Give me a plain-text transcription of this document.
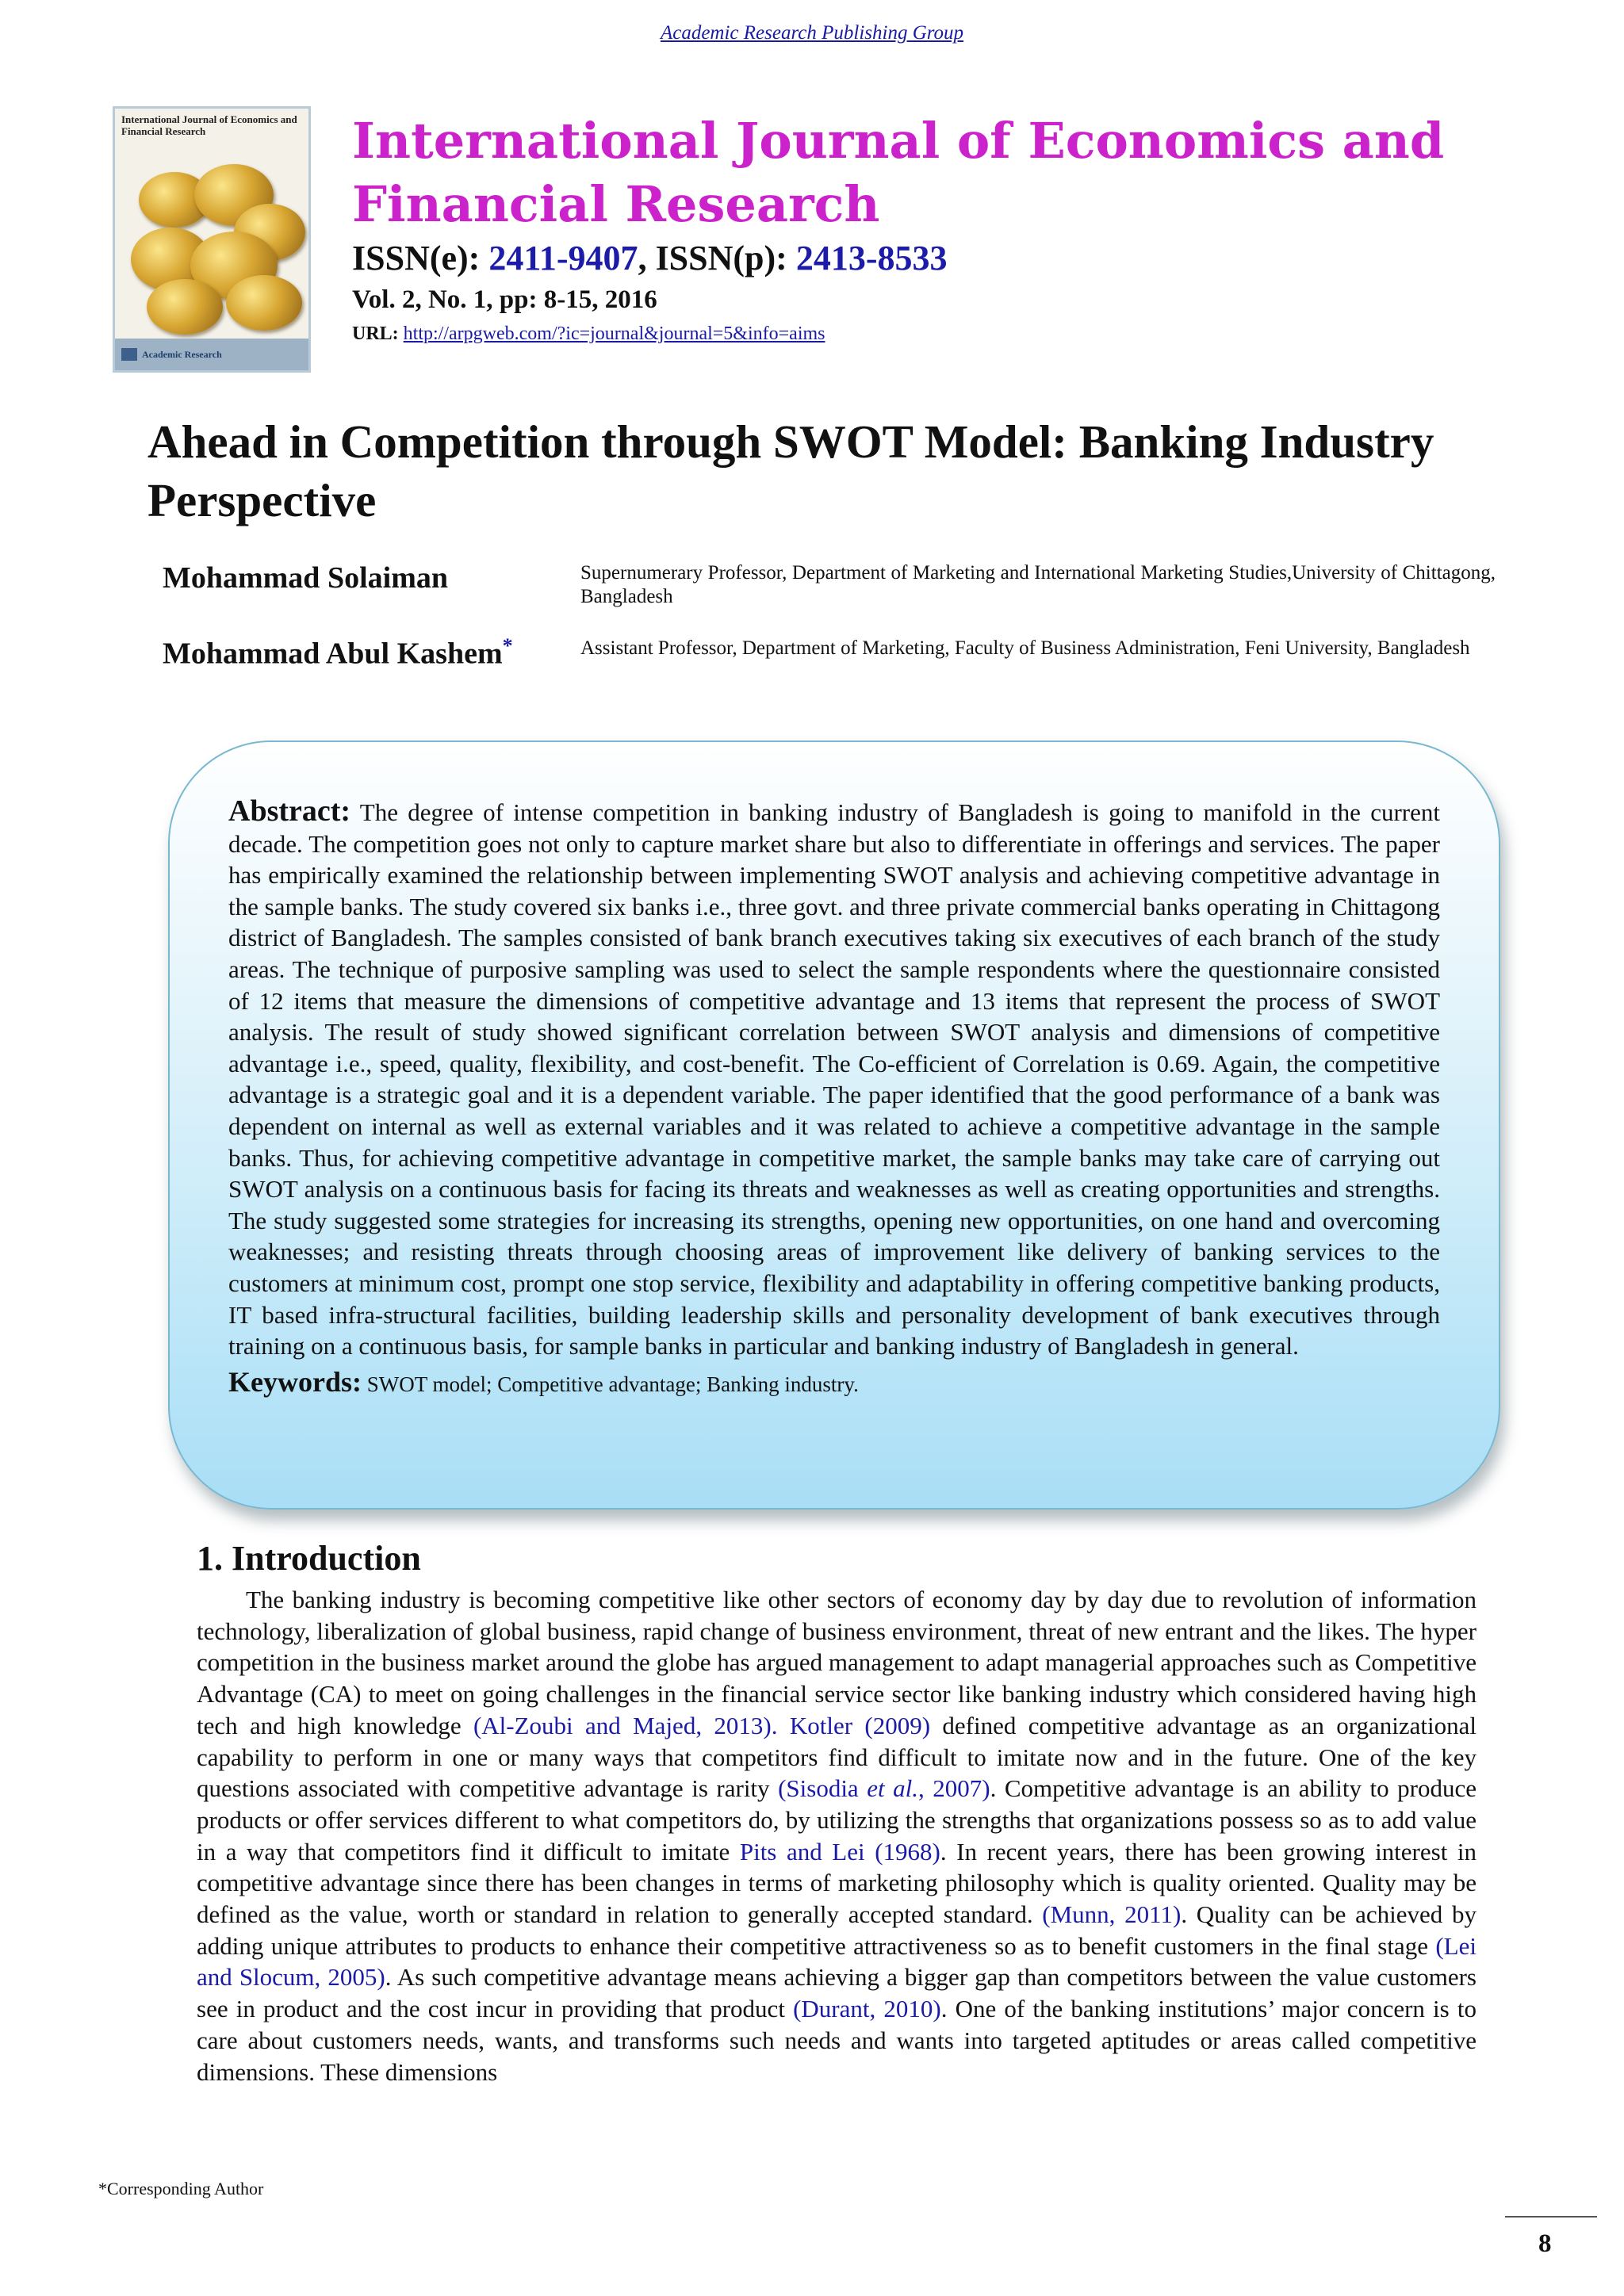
Academic Research Publishing Group
International Journal of Economics and Financial Research
Academic Research
International Journal of Economics and Financial Research
ISSN(e): 2411-9407, ISSN(p): 2413-8533
Vol. 2, No. 1, pp: 8-15, 2016
URL: http://arpgweb.com/?ic=journal&journal=5&info=aims
Ahead in Competition through SWOT Model: Banking Industry Perspective
Mohammad Solaiman	Supernumerary Professor, Department of Marketing and International Marketing Studies,University of Chittagong, Bangladesh
Mohammad Abul Kashem*	Assistant Professor, Department of Marketing, Faculty of Business Administration, Feni University, Bangladesh

Abstract: The degree of intense competition in banking industry of Bangladesh is going to manifold in the current decade. The competition goes not only to capture market share but also to differentiate in offerings and services. The paper has empirically examined the relationship between implementing SWOT analysis and achieving competitive advantage in the sample banks. The study covered six banks i.e., three govt. and three private commercial banks operating in Chittagong district of Bangladesh. The samples consisted of bank branch executives taking six executives of each branch of the study areas. The technique of purposive sampling was used to select the sample respondents where the questionnaire consisted of 12 items that measure the dimensions of competitive advantage and 13 items that represent the process of SWOT analysis. The result of study showed significant correlation between SWOT analysis and dimensions of competitive advantage i.e., speed, quality, flexibility, and cost-benefit. The Co-efficient of Correlation is 0.69. Again, the competitive advantage is a strategic goal and it is a dependent variable. The paper identified that the good performance of a bank was dependent on internal as well as external variables and it was related to achieve a competitive advantage in the sample banks. Thus, for achieving competitive advantage in competitive market, the sample banks may take care of carrying out SWOT analysis on a continuous basis for facing its threats and weaknesses as well as creating opportunities and strengths. The study suggested some strategies for increasing its strengths, opening new opportunities, on one hand and overcoming weaknesses; and resisting threats through choosing areas of improvement like delivery of banking services to the customers at minimum cost, prompt one stop service, flexibility and adaptability in offering competitive banking products, IT based infra-structural facilities, building leadership skills and personality development of bank executives through training on a continuous basis, for sample banks in particular and banking industry of Bangladesh in general.

Keywords: SWOT model; Competitive advantage; Banking industry.

1. Introduction

The banking industry is becoming competitive like other sectors of economy day by day due to revolution of information technology, liberalization of global business, rapid change of business environment, threat of new entrant and the likes. The hyper competition in the business market around the globe has argued management to adapt managerial approaches such as Competitive Advantage (CA) to meet on going challenges in the financial service sector like banking industry which considered having high tech and high knowledge (Al-Zoubi and Majed, 2013). Kotler (2009) defined competitive advantage as an organizational capability to perform in one or many ways that competitors find difficult to imitate now and in the future. One of the key questions associated with competitive advantage is rarity (Sisodia et al., 2007). Competitive advantage is an ability to produce products or offer services different to what competitors do, by utilizing the strengths that organizations possess so as to add value in a way that competitors find it difficult to imitate Pits and Lei (1968). In recent years, there has been growing interest in competitive advantage since there has been changes in terms of marketing philosophy which is quality oriented. Quality may be defined as the value, worth or standard in relation to generally accepted standard. (Munn, 2011). Quality can be achieved by adding unique attributes to products to enhance their competitive attractiveness so as to benefit customers in the final stage (Lei and Slocum, 2005). As such competitive advantage means achieving a bigger gap than competitors between the value customers see in product and the cost incur in providing that product (Durant, 2010). One of the banking institutions’ major concern is to care about customers needs, wants, and transforms such needs and wants into targeted aptitudes or areas called competitive dimensions. These dimensions

*Corresponding Author
8
